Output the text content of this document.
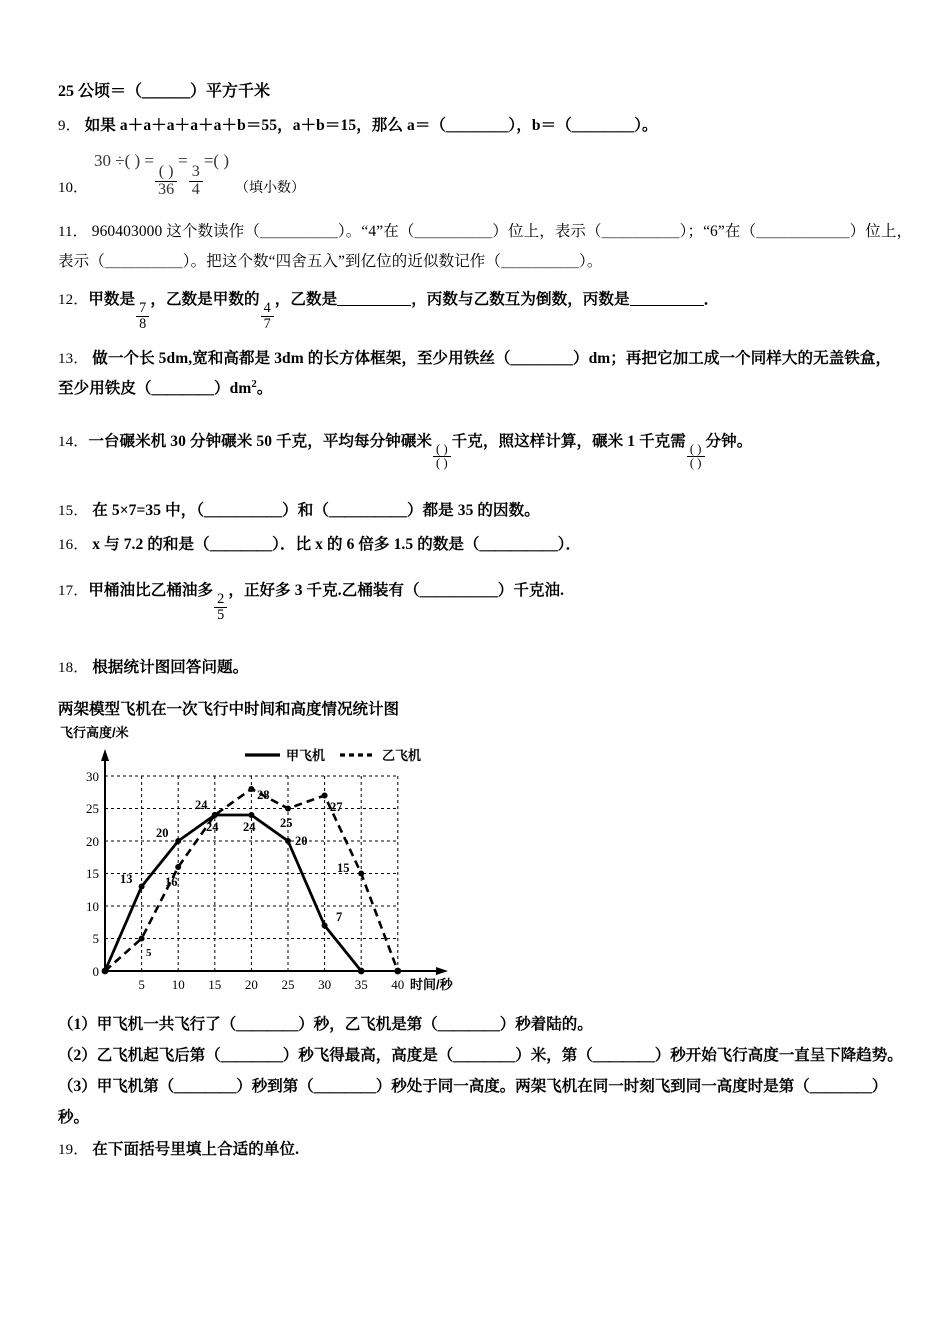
25 公顷＝（＿＿＿）平方千米
9． 如果 a＋a＋a＋a＋a＋b＝55，a＋b＝15，那么 a＝（＿＿＿＿），b＝（＿＿＿＿）。
10．
30 ÷( ) =
$\frac{( )}{36}$
=
$\frac{3}{4}$
=( )
（填小数）
11． 960403000 这个数读作（＿＿＿＿＿）。“4”在（＿＿＿＿＿）位上，表示（＿＿＿＿＿）；“6”在（＿＿＿＿＿＿）位上，
表示（＿＿＿＿＿）。把这个数“四舍五入”到亿位的近似数记作（＿＿＿＿＿）。
12．甲数是
$\frac{7}{8}$
，乙数是甲数的
$\frac{4}{7}$
，乙数是	，丙数与乙数互为倒数，丙数是	．
13． 做一个长 5dm,宽和高都是 3dm 的长方体框架，至少用铁丝（＿＿＿＿）dm；再把它加工成一个同样大的无盖铁盒，
至少用铁皮$(\_\_\_\_)dm^2$。
14．一台碾米机 30 分钟碾米 50 千克，平均每分钟碾米
$\frac{( )}{( )}$
千克，照这样计算，碾米 1 千克需
$\frac{( )}{( )}$
分钟。
15． 在 5×7=35 中，（＿＿＿＿＿）和（＿＿＿＿＿）都是 35 的因数。
16． x 与 7.2 的和是（＿＿＿＿）．比 x 的 6 倍多 1.5 的数是（＿＿＿＿＿）．
17．甲桶油比乙桶油多
$\frac{2}{5}$
，正好多 3 千克.乙桶装有（＿＿＿＿＿）千克油.
18． 根据统计图回答问题。
两架模型飞机在一次飞行中时间和高度情况统计图
飞行高度/米
甲飞机	乙飞机
0
5
10
15
20
25
30
5 10 15 20 25 30 35 40 时间/秒
13
20
24
24 24
28
25
20
27
7
15
5
16
（1）甲飞机一共飞行了（＿＿＿＿）秒，乙飞机是第（＿＿＿＿）秒着陆的。
（2）乙飞机起飞后第（＿＿＿＿）秒飞得最高，高度是（＿＿＿＿）米，第（＿＿＿＿）秒开始飞行高度一直呈下降趋势。
（3）甲飞机第（＿＿＿＿）秒到第（＿＿＿＿）秒处于同一高度。两架飞机在同一时刻飞到同一高度时是第（＿＿＿＿）秒。
19． 在下面括号里填上合适的单位.
